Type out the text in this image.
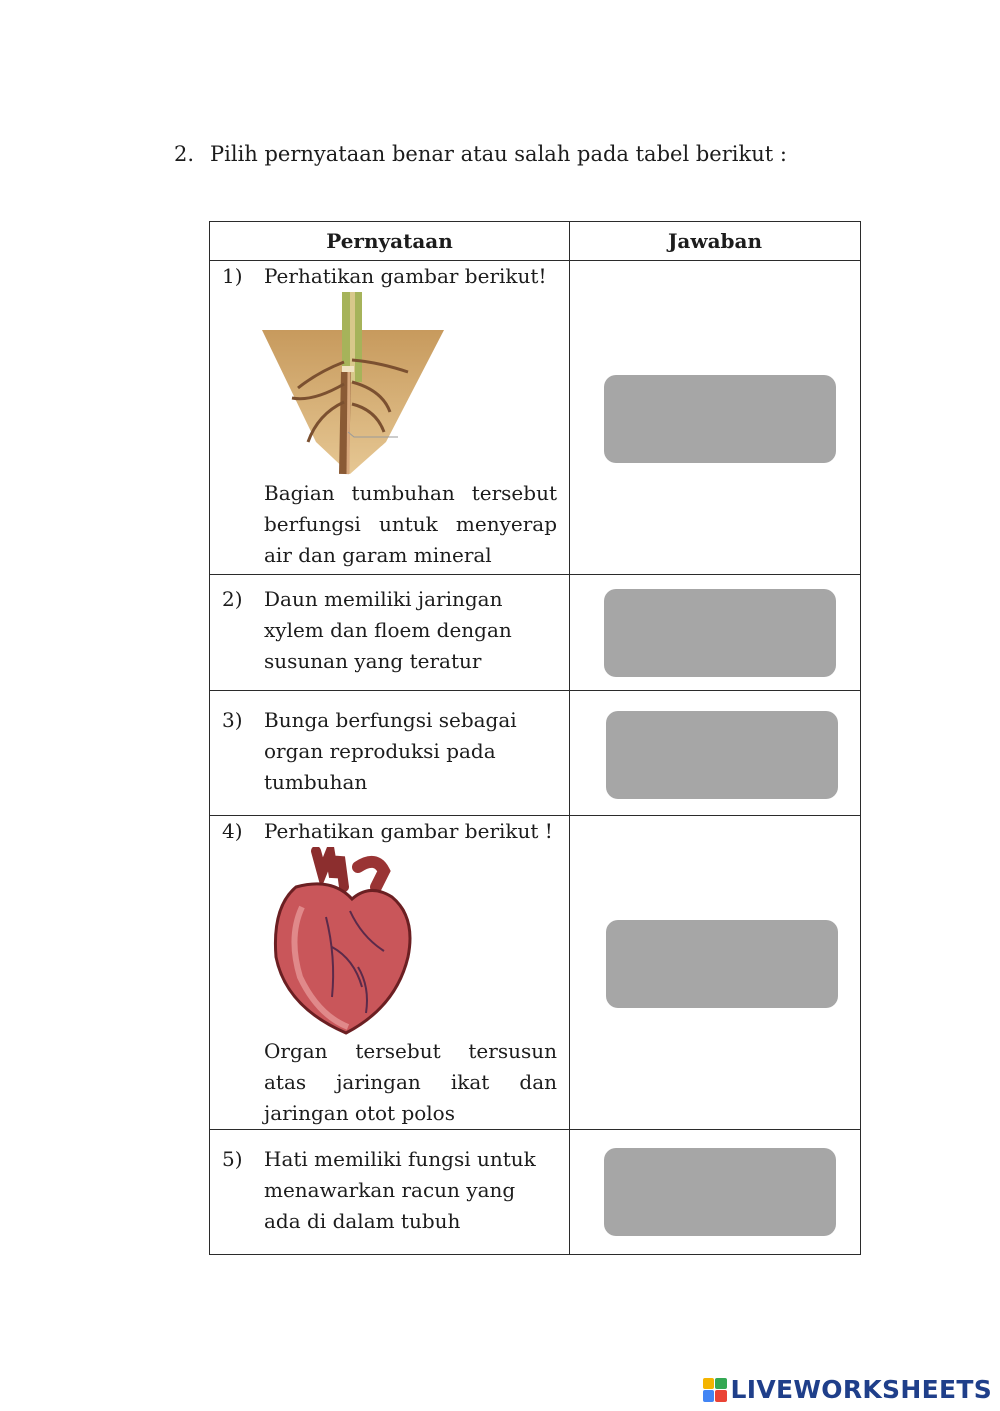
2. Pilih pernyataan benar atau salah pada tabel berikut :
Pernyataan	Jawaban

1) Perhatikan gambar berikut!
Bagian tumbuhan tersebut berfungsi untuk menyerap air dan garam mineral	

2) Daun memiliki jaringan xylem dan floem dengan susunan yang teratur	

3) Bunga berfungsi sebagai organ reproduksi pada tumbuhan	

4) Perhatikan gambar berikut !
Organ tersebut tersusun atas jaringan ikat dan jaringan otot polos	

5) Hati memiliki fungsi untuk menawarkan racun yang ada di dalam tubuh	

LIVEWORKSHEETS
